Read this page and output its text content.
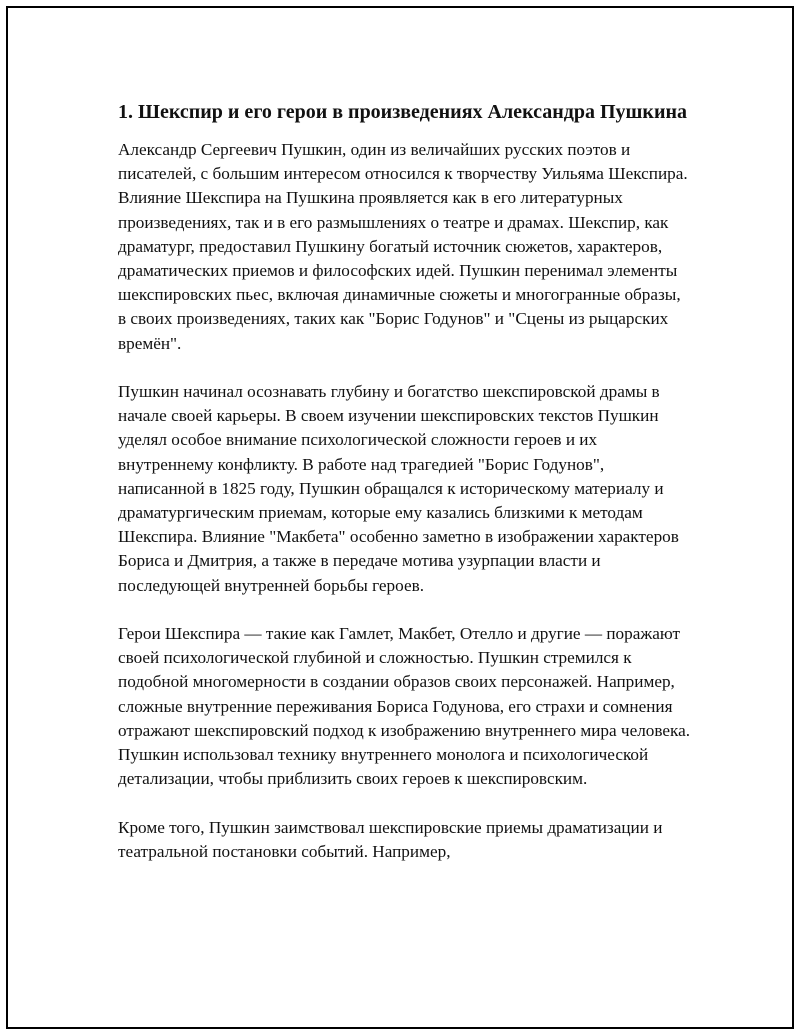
1. Шекспир и его герои в произведениях Александра Пушкина

Александр Сергеевич Пушкин, один из величайших русских поэтов и писателей, с большим интересом относился к творчеству Уильяма Шекспира. Влияние Шекспира на Пушкина проявляется как в его литературных произведениях, так и в его размышлениях о театре и драмах. Шекспир, как драматург, предоставил Пушкину богатый источник сюжетов, характеров, драматических приемов и философских идей. Пушкин перенимал элементы шекспировских пьес, включая динамичные сюжеты и многогранные образы, в своих произведениях, таких как "Борис Годунов" и "Сцены из рыцарских времён".

Пушкин начинал осознавать глубину и богатство шекспировской драмы в начале своей карьеры. В своем изучении шекспировских текстов Пушкин уделял особое внимание психологической сложности героев и их внутреннему конфликту. В работе над трагедией "Борис Годунов", написанной в 1825 году, Пушкин обращался к историческому материалу и драматургическим приемам, которые ему казались близкими к методам Шекспира. Влияние "Макбета" особенно заметно в изображении характеров Бориса и Дмитрия, а также в передаче мотива узурпации власти и последующей внутренней борьбы героев.

Герои Шекспира — такие как Гамлет, Макбет, Отелло и другие — поражают своей психологической глубиной и сложностью. Пушкин стремился к подобной многомерности в создании образов своих персонажей. Например, сложные внутренние переживания Бориса Годунова, его страхи и сомнения отражают шекспировский подход к изображению внутреннего мира человека. Пушкин использовал технику внутреннего монолога и психологической детализации, чтобы приблизить своих героев к шекспировским.

Кроме того, Пушкин заимствовал шекспировские приемы драматизации и театральной постановки событий. Например,
